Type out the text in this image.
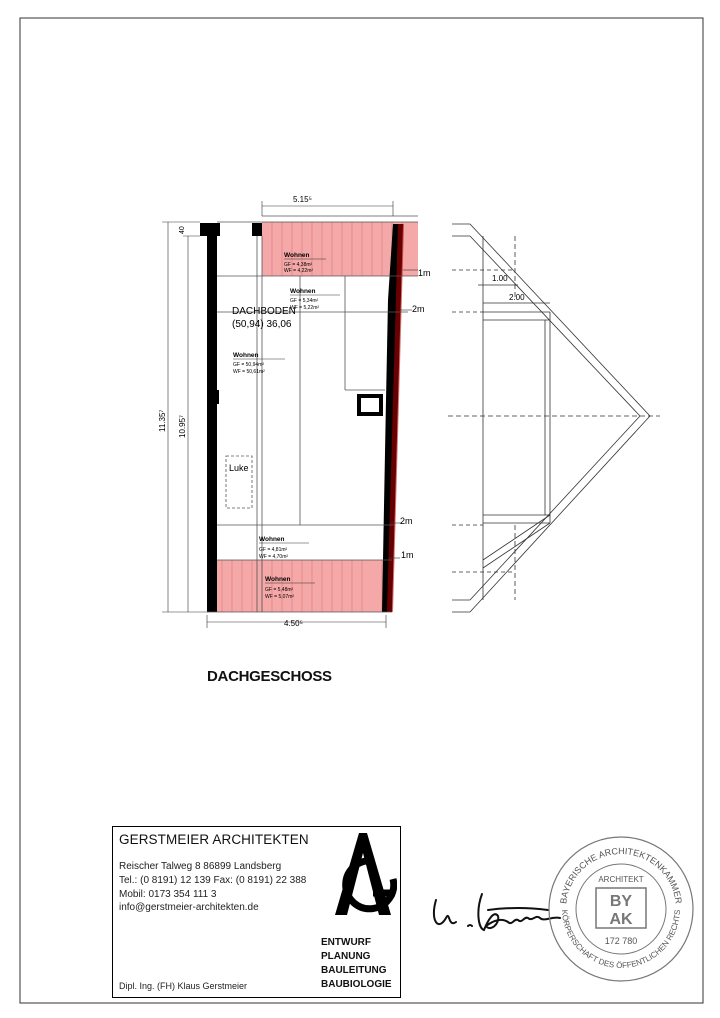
Luke
DACHBODEN
(50,94) 36,06
Wohnen
GF = 4,38m²
WF = 4,22m²
Wohnen
GF = 5,34m²
WF = 5,22m²
Wohnen
GF = 50,94m²
WF = 50,61m²
Wohnen
GF = 4,81m²
WF = 4,70m²
Wohnen
GF = 5,48m²
WF = 5,07m²
1m
2m
2m
1m
5.15⁵
4.50⁵
11.35⁷ 10.95⁷
40
1.00
2.00
DACHGESCHOSS
GERSTMEIER ARCHITEKTEN
Reischer Talweg 8 86899 Landsberg
Tel.: (0 8191) 12 139 Fax: (0 8191) 22 388
Mobil: 0173 354 111 3
info@gerstmeier-architekten.de
ENTWURF
PLANUNG
BAULEITUNG
BAUBIOLOGIE
Dipl. Ing. (FH) Klaus Gerstmeier
BAYERISCHE ARCHITEKTENKAMMER
KÖRPERSCHAFT DES ÖFFENTLICHEN RECHTS
ARCHITEKT
BY
AK
172 780
